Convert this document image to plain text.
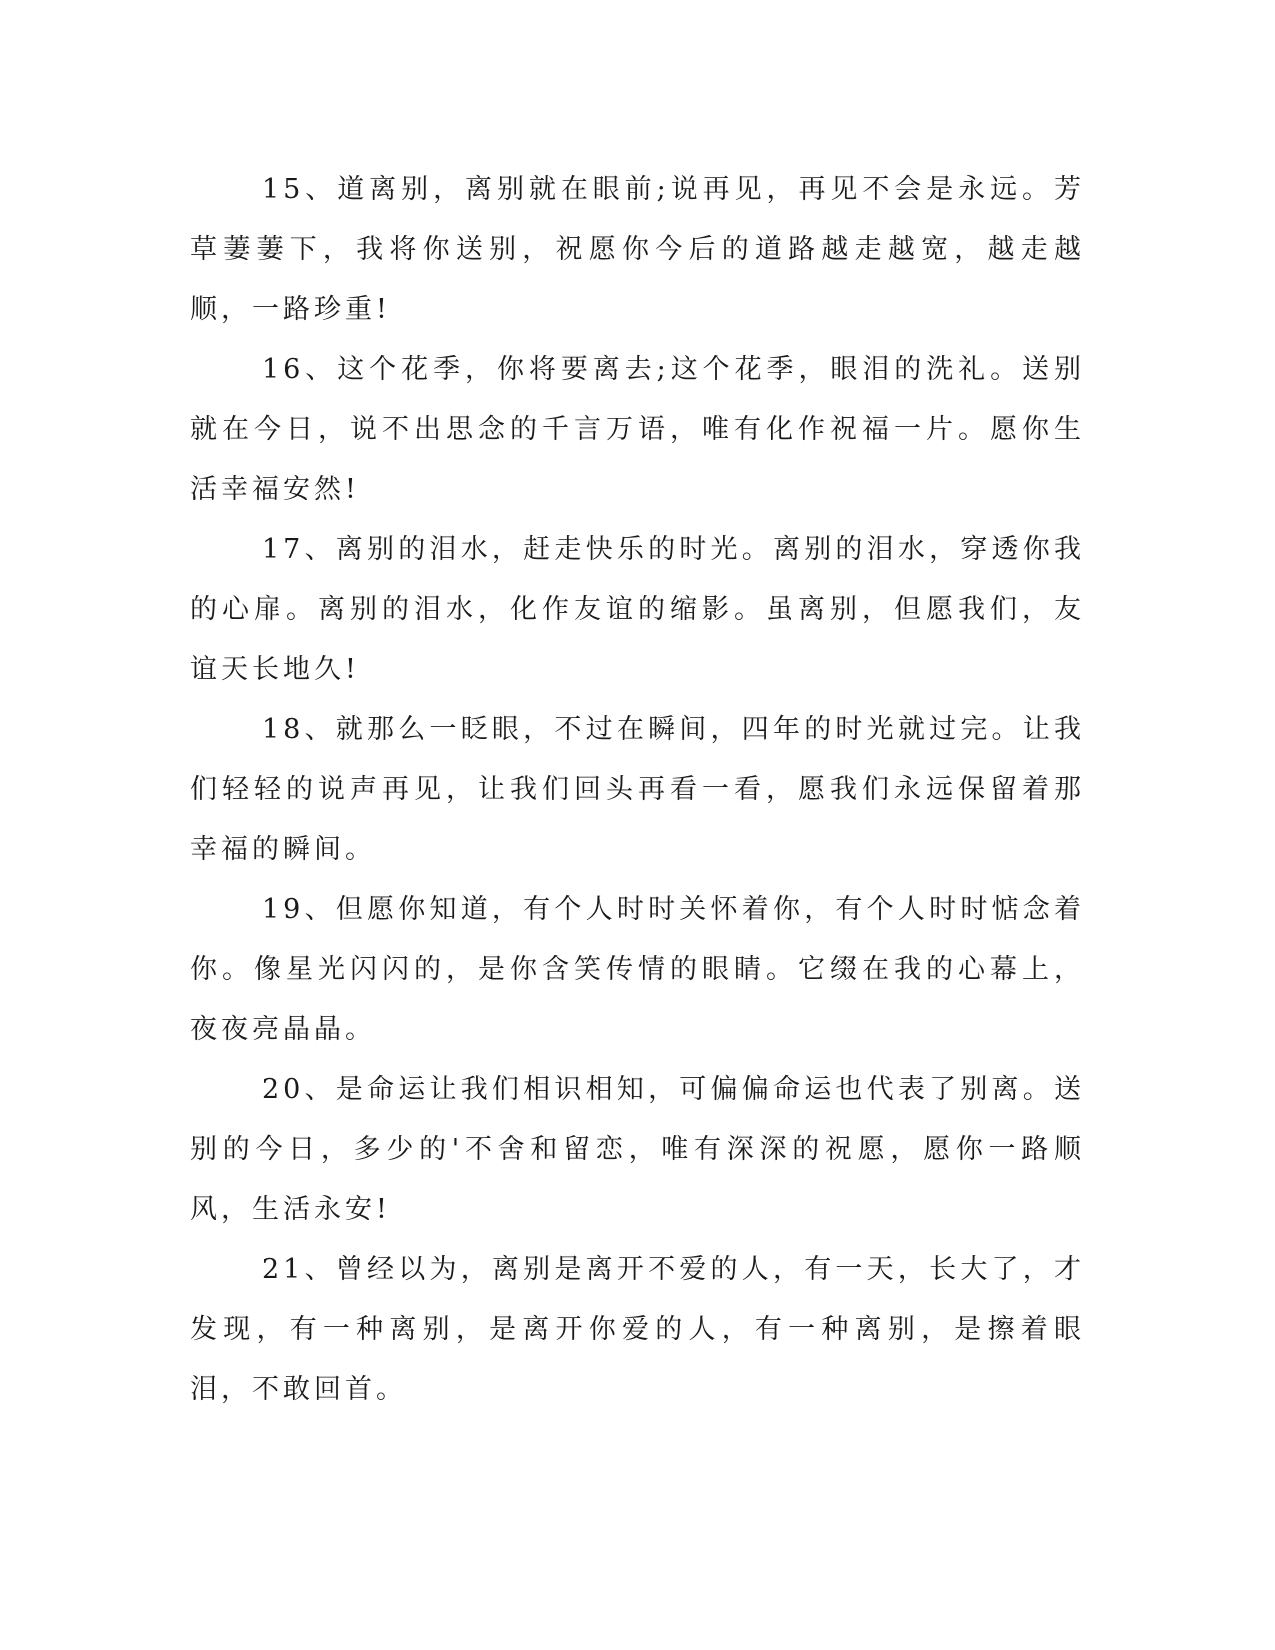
15、道离别，离别就在眼前;说再见，再见不会是永远。芳草萋萋下，我将你送别，祝愿你今后的道路越走越宽，越走越顺，一路珍重!

16、这个花季，你将要离去;这个花季，眼泪的洗礼。送别就在今日，说不出思念的千言万语，唯有化作祝福一片。愿你生活幸福安然!

17、离别的泪水，赶走快乐的时光。离别的泪水，穿透你我的心扉。离别的泪水，化作友谊的缩影。虽离别，但愿我们，友谊天长地久!

18、就那么一眨眼，不过在瞬间，四年的时光就过完。让我们轻轻的说声再见，让我们回头再看一看，愿我们永远保留着那幸福的瞬间。

19、但愿你知道，有个人时时关怀着你，有个人时时惦念着你。像星光闪闪的，是你含笑传情的眼睛。它缀在我的心幕上，夜夜亮晶晶。

20、是命运让我们相识相知，可偏偏命运也代表了别离。送别的今日，多少的'不舍和留恋，唯有深深的祝愿，愿你一路顺风，生活永安!

21、曾经以为，离别是离开不爱的人，有一天，长大了，才发现，有一种离别，是离开你爱的人，有一种离别，是擦着眼泪，不敢回首。
